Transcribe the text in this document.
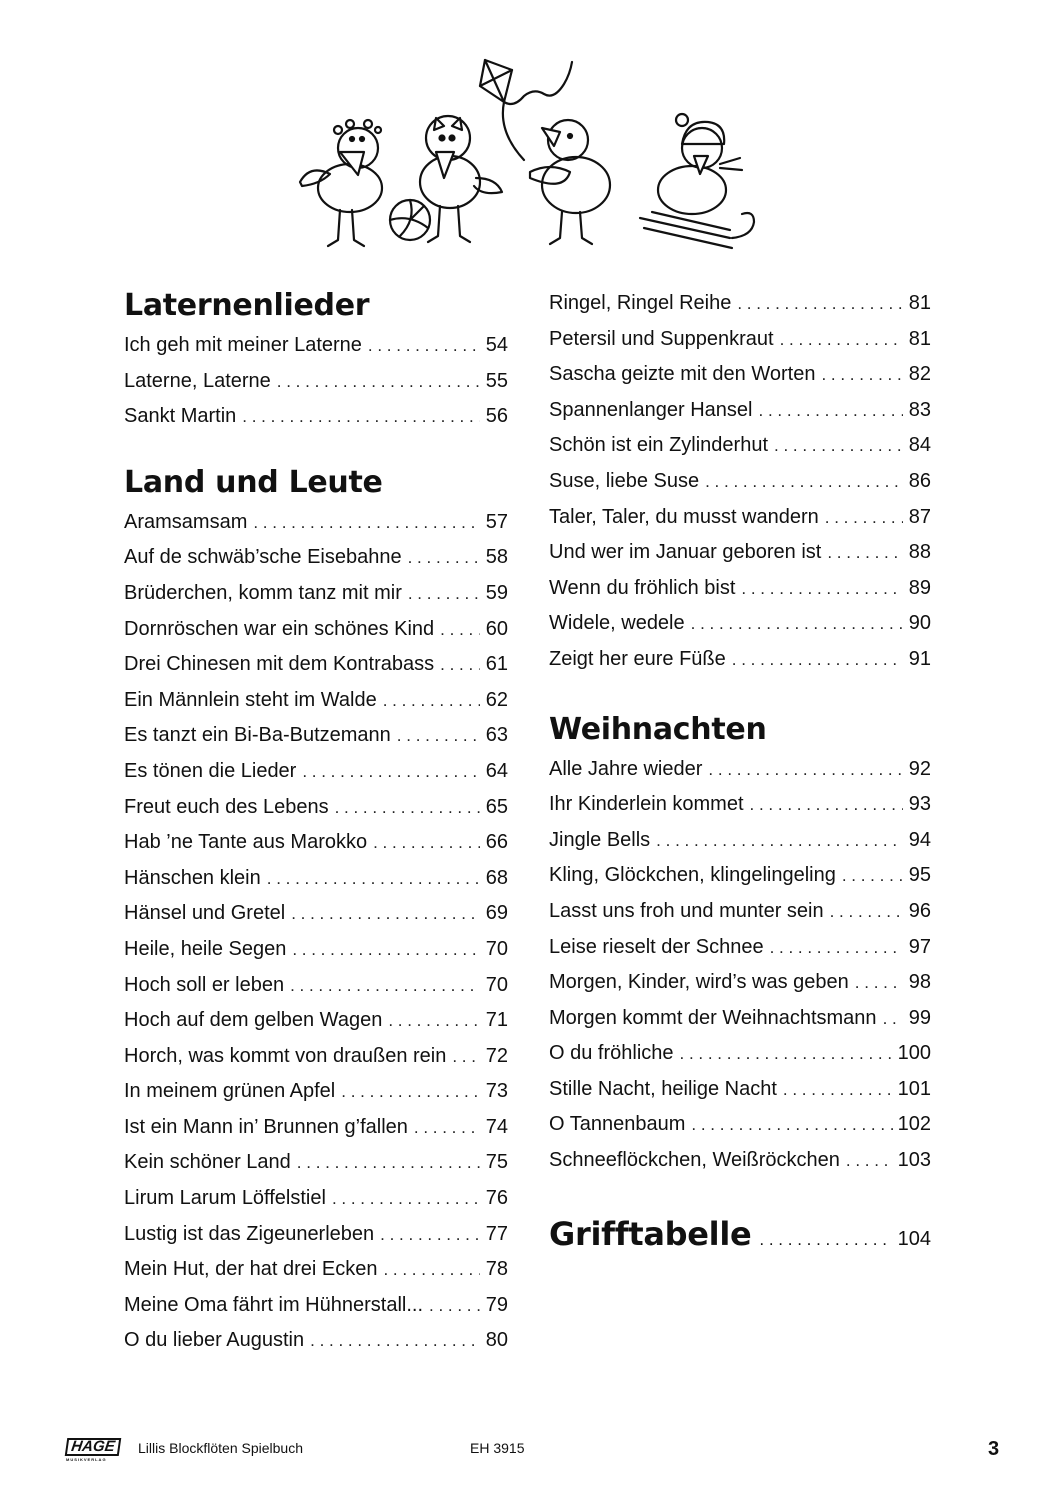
Laternenlieder
Ich geh mit meiner Laterne . . .	54
Laterne, Laterne . . .	55
Sankt Martin . . .	56
Land und Leute
Aramsamsam . . .	57
Auf de schwäb’sche Eisebahne . . .	58
Brüderchen, komm tanz mit mir . . .	59
Dornröschen war ein schönes Kind . . .	60
Drei Chinesen mit dem Kontrabass . . .	61
Ein Männlein steht im Walde . . .	62
Es tanzt ein Bi-Ba-Butzemann . . .	63
Es tönen die Lieder . . .	64
Freut euch des Lebens . . .	65
Hab ’ne Tante aus Marokko . . .	66
Hänschen klein . . .	68
Hänsel und Gretel . . .	69
Heile, heile Segen . . .	70
Hoch soll er leben . . .	70
Hoch auf dem gelben Wagen . . .	71
Horch, was kommt von draußen rein . . . 72
In meinem grünen Apfel . . .	73
Ist ein Mann in’ Brunnen g’fallen . . .	74
Kein schöner Land . . .	75
Lirum Larum Löffelstiel . . .	76
Lustig ist das Zigeunerleben . . .	77
Mein Hut, der hat drei Ecken . . .	78
Meine Oma fährt im Hühnerstall... . . .	79
O du lieber Augustin . . .	80
Ringel, Ringel Reihe . . .	81
Petersil und Suppenkraut . . .	81
Sascha geizte mit den Worten . . .	82
Spannenlanger Hansel . . .	83
Schön ist ein Zylinderhut . . .	84
Suse, liebe Suse . . .	86
Taler, Taler, du musst wandern . . .	87
Und wer im Januar geboren ist . . .	88
Wenn du fröhlich bist . . .	89
Widele, wedele . . .	90
Zeigt her eure Füße . . .	91
Weihnachten
Alle Jahre wieder . . .	92
Ihr Kinderlein kommet . . .	93
Jingle Bells . . .	94
Kling, Glöckchen, klingelingeling . . .	95
Lasst uns froh und munter sein . . .	96
Leise rieselt der Schnee . . .	97
Morgen, Kinder, wird’s was geben . . .	98
Morgen kommt der Weihnachtsmann . . . 99
O du fröhliche . . .	100
Stille Nacht, heilige Nacht . . .	101
O Tannenbaum . . .	102
Schneeflöckchen, Weißröckchen . . .	103
Grifftabelle . . .	104
HAGE
MUSIKVERLAG
Lillis Blockflöten Spielbuch	EH 3915	3
